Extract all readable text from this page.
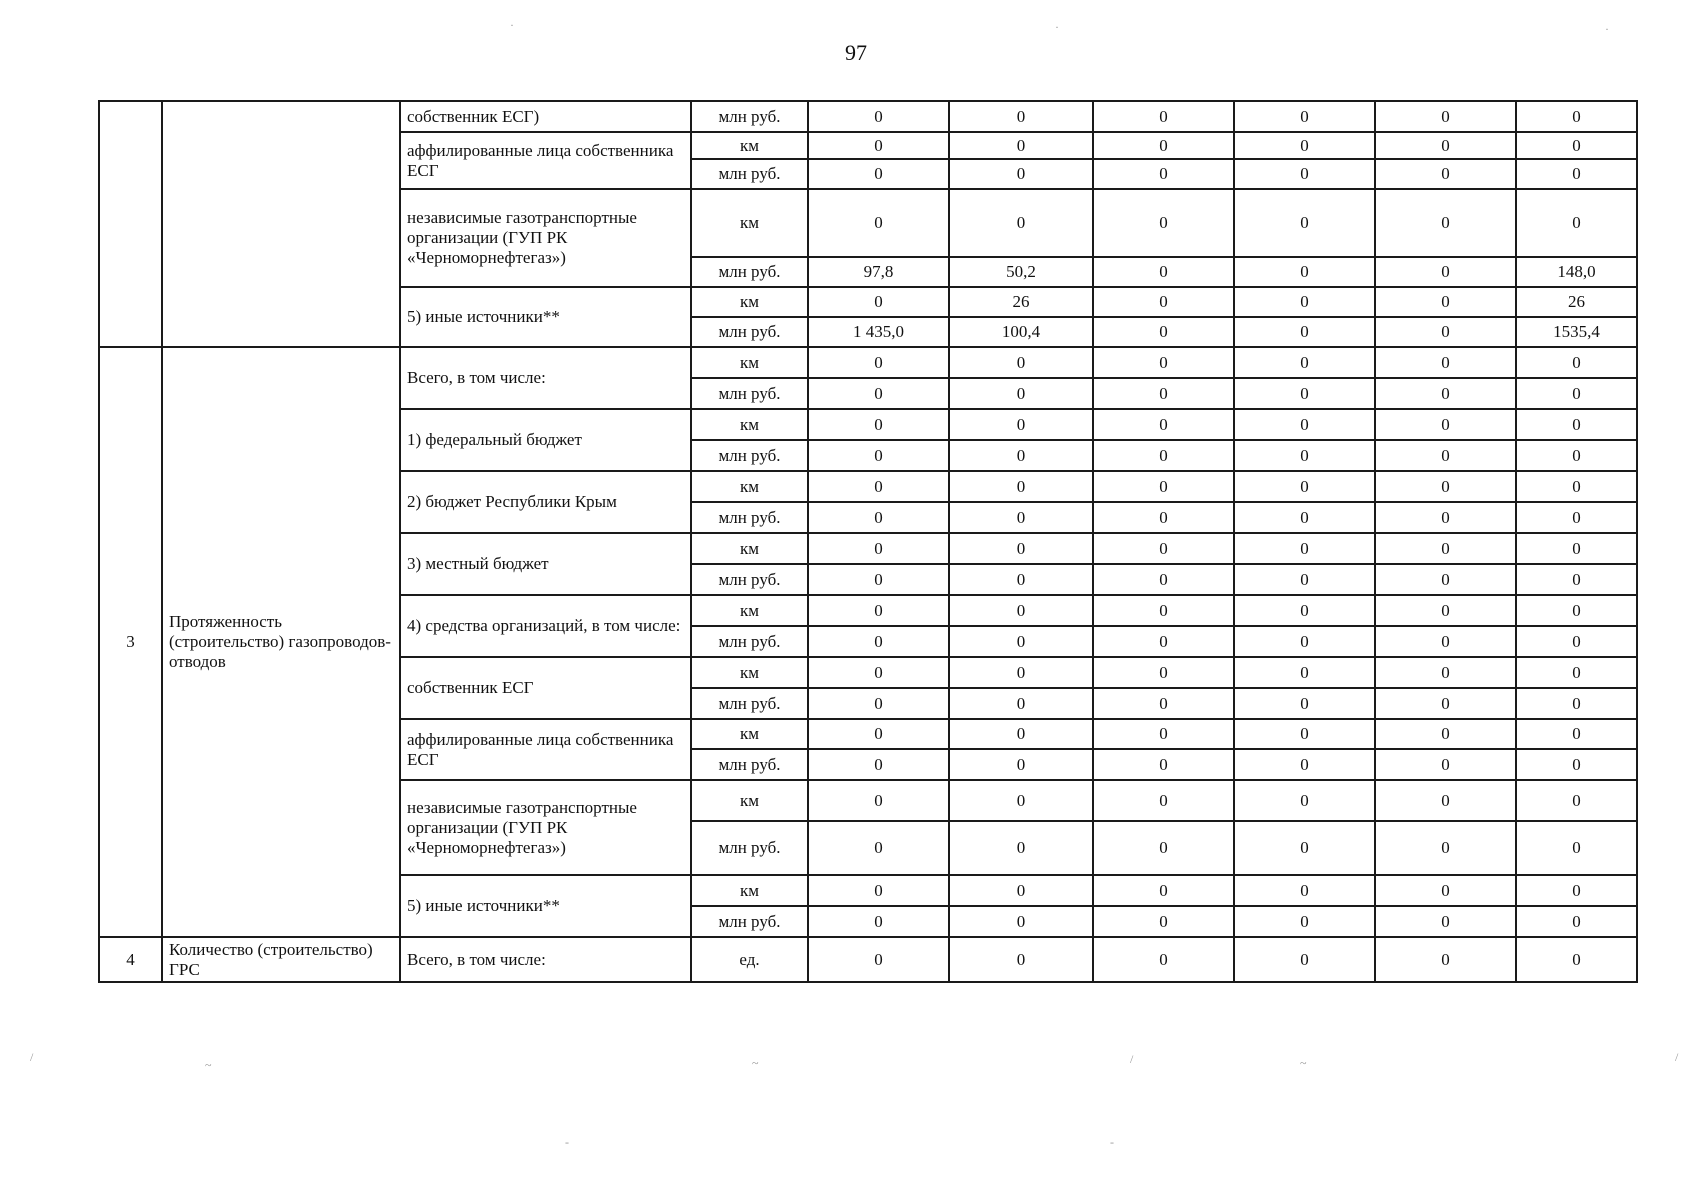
97
		собственник ЕСГ)	млн руб.	0	0	0	0	0	0
		аффилированные лица собственника ЕСГ	км	0	0	0	0	0	0
			млн руб.	0	0	0	0	0	0
		независимые газотранспортные организации (ГУП РК «Черноморнефтегаз»)	км	0	0	0	0	0	0
			млн руб.	97,8	50,2	0	0	0	148,0
		5) иные источники**	км	0	26	0	0	0	26
			млн руб.	1 435,0	100,4	0	0	0	1535,4
3	Протяженность (строительство) газопроводов-отводов	Всего, в том числе:	км	0	0	0	0	0	0
			млн руб.	0	0	0	0	0	0
		1) федеральный бюджет	км	0	0	0	0	0	0
			млн руб.	0	0	0	0	0	0
		2) бюджет Республики Крым	км	0	0	0	0	0	0
			млн руб.	0	0	0	0	0	0
		3) местный бюджет	км	0	0	0	0	0	0
			млн руб.	0	0	0	0	0	0
		4) средства организаций, в том числе:	км	0	0	0	0	0	0
			млн руб.	0	0	0	0	0	0
		собственник ЕСГ	км	0	0	0	0	0	0
			млн руб.	0	0	0	0	0	0
		аффилированные лица собственника ЕСГ	км	0	0	0	0	0	0
			млн руб.	0	0	0	0	0	0
		независимые газотранспортные организации (ГУП РК «Черноморнефтегаз»)	км	0	0	0	0	0	0
			млн руб.	0	0	0	0	0	0
		5) иные источники**	км	0	0	0	0	0	0
			млн руб.	0	0	0	0	0	0
4	Количество (строительство) ГРС	Всего, в том числе:	ед.	0	0	0	0	0	0
·	·	·
/
~	~	/	~	/
-	-
